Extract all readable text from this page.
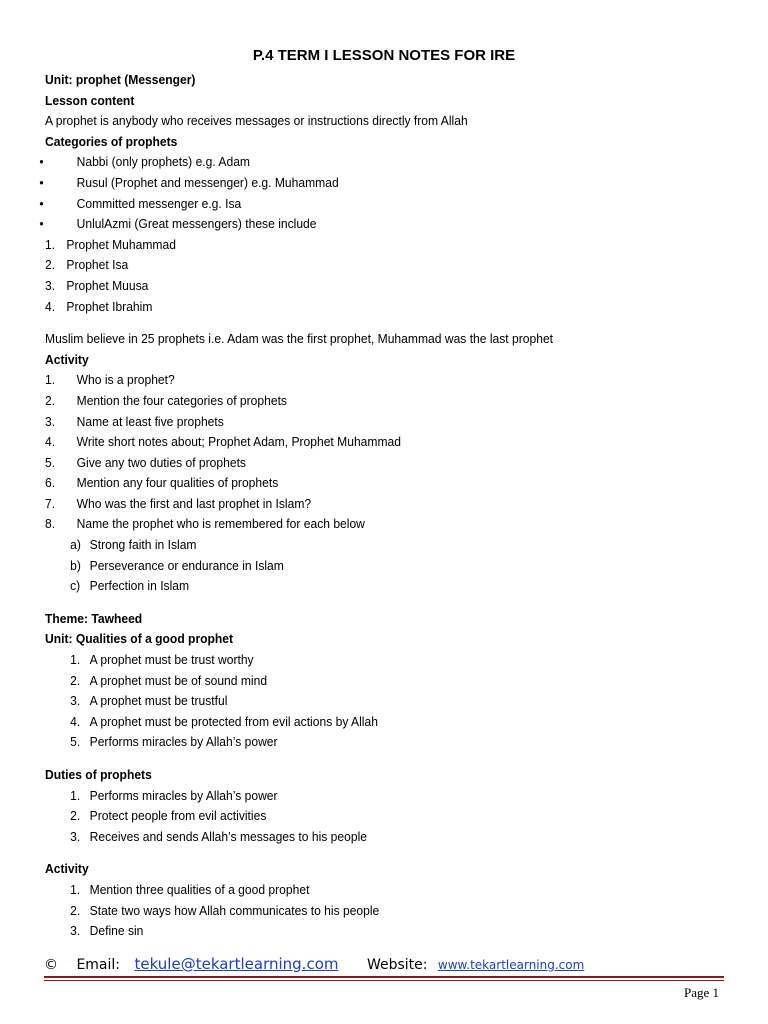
P.4 TERM I LESSON NOTES FOR IRE
Unit: prophet (Messenger)
Lesson content
A prophet is anybody who receives messages or instructions directly from Allah
Categories of prophets
• Nabbi (only prophets) e.g. Adam
• Rusul (Prophet and messenger) e.g. Muhammad
• Committed messenger e.g. Isa
• UnlulAzmi (Great messengers) these include
1. Prophet Muhammad
2. Prophet Isa
3. Prophet Muusa
4. Prophet Ibrahim
Muslim believe in 25 prophets i.e. Adam was the first prophet, Muhammad was the last prophet
Activity
1. Who is a prophet?
2. Mention the four categories of prophets
3. Name at least five prophets
4. Write short notes about; Prophet Adam, Prophet Muhammad
5. Give any two duties of prophets
6. Mention any four qualities of prophets
7. Who was the first and last prophet in Islam?
8. Name the prophet who is remembered for each below
a) Strong faith in Islam
b) Perseverance or endurance in Islam
c) Perfection in Islam
Theme: Tawheed
Unit: Qualities of a good prophet
1. A prophet must be trust worthy
2. A prophet must be of sound mind
3. A prophet must be trustful
4. A prophet must be protected from evil actions by Allah
5. Performs miracles by Allah’s power
Duties of prophets
1. Performs miracles by Allah’s power
2. Protect people from evil activities
3. Receives and sends Allah’s messages to his people
Activity
1. Mention three qualities of a good prophet
2. State two ways how Allah communicates to his people
3. Define sin
© Email: tekule@tekartlearning.com Website: www.tekartlearning.com
Page 1
